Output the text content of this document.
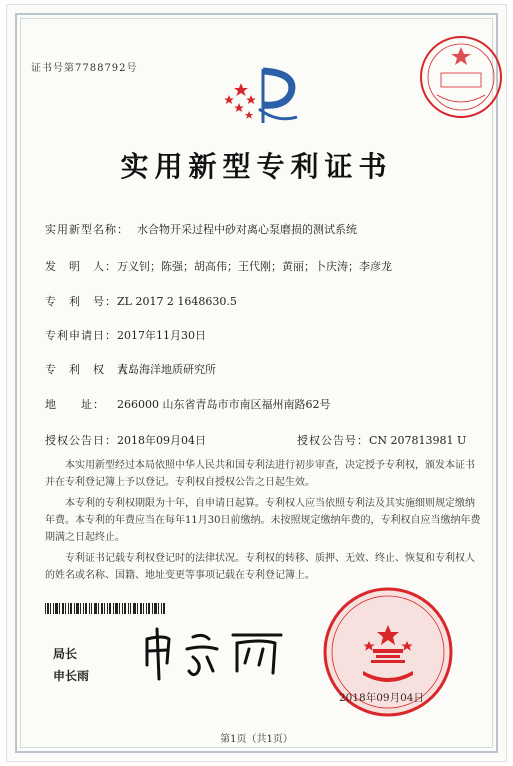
证书号第7788792号
实用新型专利证书
实用新型名称： 水合物开采过程中砂对离心泵磨损的测试系统
发　明　人：万义钊；陈强；胡高伟；王代刚；黄丽；卜庆涛；李彦龙
专　利　号：ZL 2017 2 1648630.5
专利申请日：2017年11月30日
专　利　权　人：青岛海洋地质研究所
地　　址： 266000 山东省青岛市市南区福州南路62号
授权公告日：2018年09月04日	授权公告号：CN 207813981 U

本实用新型经过本局依照中华人民共和国专利法进行初步审查，决定授予专利权，颁发本证书并在专利登记簿上予以登记。专利权自授权公告之日起生效。

本专利的专利权期限为十年，自申请日起算。专利权人应当依照专利法及其实施细则规定缴纳年费。本专利的年费应当在每年11月30日前缴纳。未按照规定缴纳年费的，专利权自应当缴纳年费期满之日起终止。

专利证书记载专利权登记时的法律状况。专利权的转移、质押、无效、终止、恢复和专利权人的姓名或名称、国籍、地址变更等事项记载在专利登记簿上。

局长
申长雨
2018年09月04日
第1页（共1页）
